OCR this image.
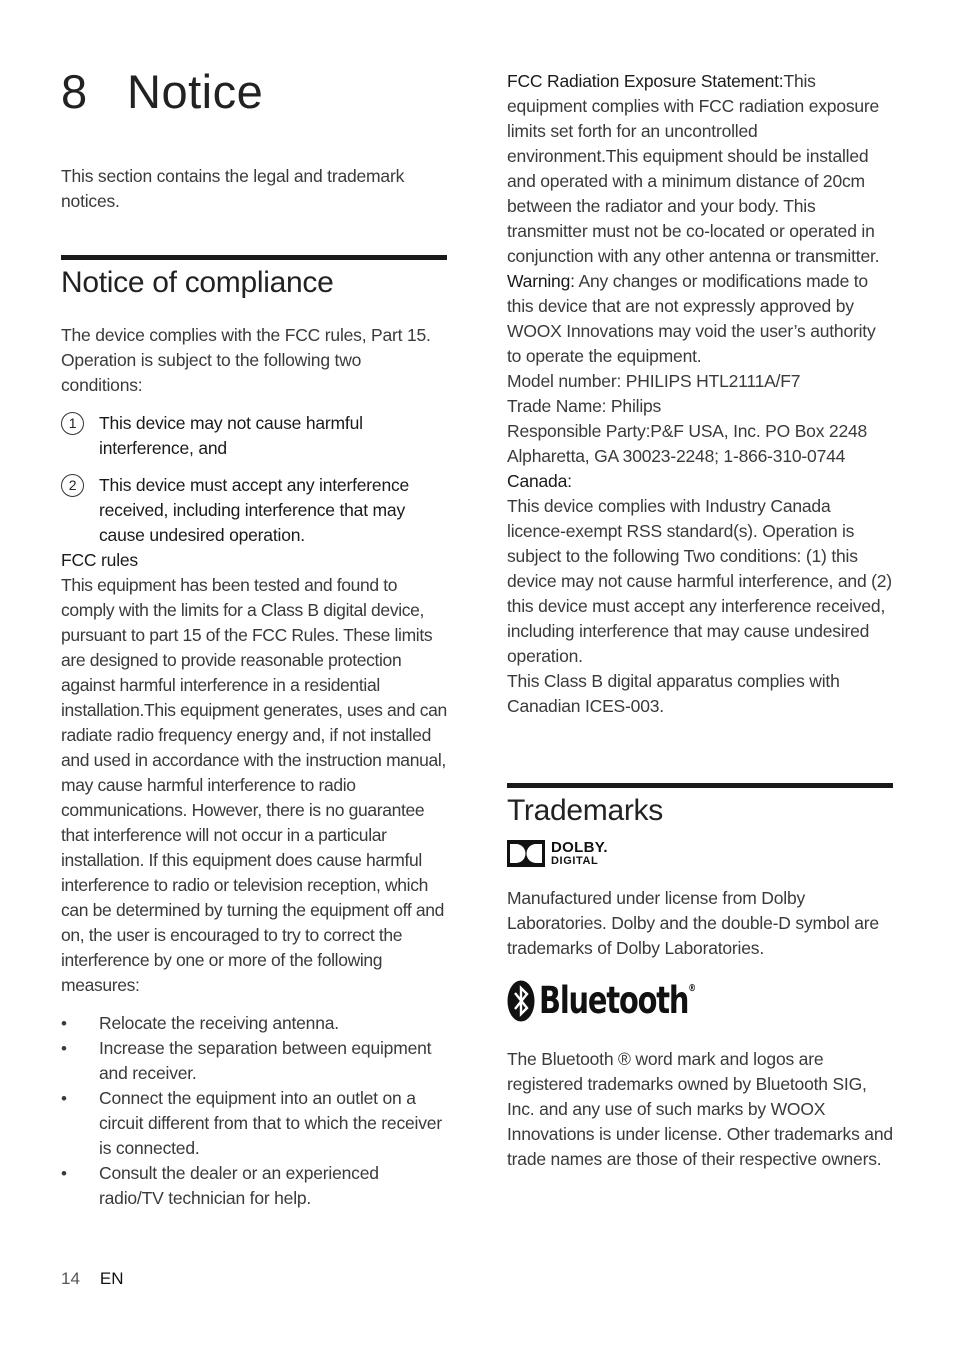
8 Notice

This section contains the legal and trademark notices.

Notice of compliance

The device complies with the FCC rules, Part 15. Operation is subject to the following two conditions:

1	This device may not cause harmful interference, and
2	This device must accept any interference received, including interference that may cause undesired operation.

FCC rules

This equipment has been tested and found to comply with the limits for a Class B digital device, pursuant to part 15 of the FCC Rules. These limits are designed to provide reasonable protection against harmful interference in a residential installation.This equipment generates, uses and can radiate radio frequency energy and, if not installed and used in accordance with the instruction manual, may cause harmful interference to radio communications. However, there is no guarantee that interference will not occur in a particular installation. If this equipment does cause harmful interference to radio or television reception, which can be determined by turning the equipment off and on, the user is encouraged to try to correct the interference by one or more of the following measures:

• Relocate the receiving antenna.
• Increase the separation between equipment and receiver.
• Connect the equipment into an outlet on a circuit different from that to which the receiver is connected.
• Consult the dealer or an experienced radio/TV technician for help.

FCC Radiation Exposure Statement:This equipment complies with FCC radiation exposure limits set forth for an uncontrolled environment.This equipment should be installed and operated with a minimum distance of 20cm between the radiator and your body. This transmitter must not be co-located or operated in conjunction with any other antenna or transmitter.

Warning: Any changes or modifications made to this device that are not expressly approved by WOOX Innovations may void the user’s authority to operate the equipment.

Model number: PHILIPS HTL2111A/F7

Trade Name: Philips

Responsible Party:P&F USA, Inc. PO Box 2248 Alpharetta, GA 30023-2248; 1-866-310-0744

Canada:

This device complies with Industry Canada licence-exempt RSS standard(s). Operation is subject to the following Two conditions: (1) this device may not cause harmful interference, and (2) this device must accept any interference received, including interference that may cause undesired operation.

This Class B digital apparatus complies with Canadian ICES-003.

Trademarks
DOLBY.
DIGITAL

Manufactured under license from Dolby Laboratories. Dolby and the double-D symbol are trademarks of Dolby Laboratories.

Bluetooth®

The Bluetooth ® word mark and logos are registered trademarks owned by Bluetooth SIG, Inc. and any use of such marks by WOOX Innovations is under license. Other trademarks and trade names are those of their respective owners.

14 EN
